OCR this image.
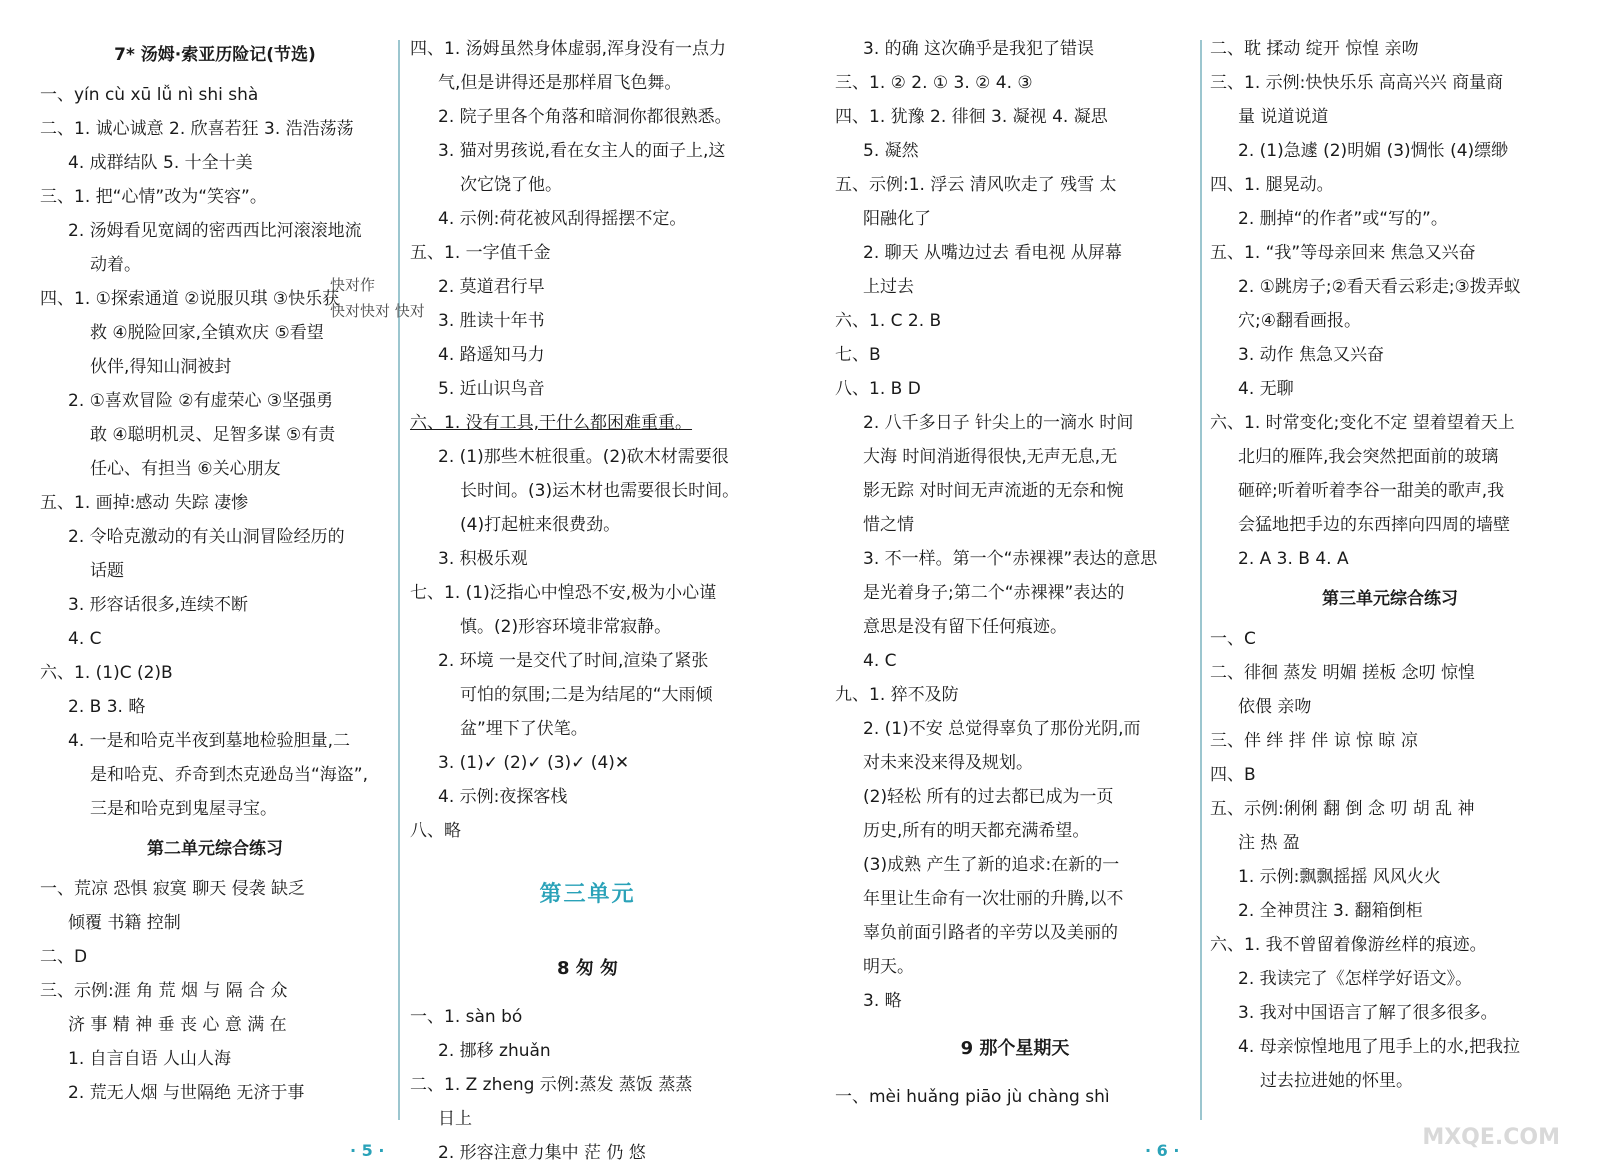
7* 汤姆·索亚历险记(节选)
一、yín cù xū lǚ nì shi shà
二、1. 诚心诚意 2. 欣喜若狂 3. 浩浩荡荡
4. 成群结队 5. 十全十美
三、1. 把“心情”改为“笑容”。
2. 汤姆看见宽阔的密西西比河滚滚地流
动着。
四、1. ①探索通道 ②说服贝琪 ③快乐获
救 ④脱险回家,全镇欢庆 ⑤看望
伙伴,得知山洞被封
2. ①喜欢冒险 ②有虚荣心 ③坚强勇
敢 ④聪明机灵、足智多谋 ⑤有责
任心、有担当 ⑥关心朋友
五、1. 画掉:感动 失踪 凄惨
2. 令哈克激动的有关山洞冒险经历的
话题
3. 形容话很多,连续不断
4. C
六、1. (1)C (2)B
2. B 3. 略
4. 一是和哈克半夜到墓地检验胆量,二
是和哈克、乔奇到杰克逊岛当“海盗”,
三是和哈克到鬼屋寻宝。
第二单元综合练习
一、荒凉 恐惧 寂寞 聊天 侵袭 缺乏
倾覆 书籍 控制
二、D
三、示例:涯 角 荒 烟 与 隔 合 众
济 事 精 神 垂 丧 心 意 满 在
1. 自言自语 人山人海
2. 荒无人烟 与世隔绝 无济于事
四、1. 汤姆虽然身体虚弱,浑身没有一点力
气,但是讲得还是那样眉飞色舞。
2. 院子里各个角落和暗洞你都很熟悉。
3. 猫对男孩说,看在女主人的面子上,这
次它饶了他。
4. 示例:荷花被风刮得摇摆不定。
五、1. 一字值千金
2. 莫道君行早
3. 胜读十年书
4. 路遥知马力
5. 近山识鸟音
六、1. 没有工具,干什么都困难重重。
2. (1)那些木桩很重。(2)砍木材需要很
长时间。(3)运木材也需要很长时间。
(4)打起桩来很费劲。
3. 积极乐观
七、1. (1)泛指心中惶恐不安,极为小心谨
慎。(2)形容环境非常寂静。
2. 环境 一是交代了时间,渲染了紧张
可怕的氛围;二是为结尾的“大雨倾
盆”埋下了伏笔。
3. (1)✓ (2)✓ (3)✓ (4)✕
4. 示例:夜探客栈
八、略
第三单元
8 匆 匆
一、1. sàn bó
2. 挪移 zhuǎn
二、1. Z zheng 示例:蒸发 蒸饭 蒸蒸
日上
2. 形容注意力集中 茫 仍 悠
3. 的确 这次确乎是我犯了错误
三、1. ② 2. ① 3. ② 4. ③
四、1. 犹豫 2. 徘徊 3. 凝视 4. 凝思
5. 凝然
五、示例:1. 浮云 清风吹走了 残雪 太
阳融化了
2. 聊天 从嘴边过去 看电视 从屏幕
上过去
六、1. C 2. B
七、B
八、1. B D
2. 八千多日子 针尖上的一滴水 时间
大海 时间消逝得很快,无声无息,无
影无踪 对时间无声流逝的无奈和惋
惜之情
3. 不一样。第一个“赤裸裸”表达的意思
是光着身子;第二个“赤裸裸”表达的
意思是没有留下任何痕迹。
4. C
九、1. 猝不及防
2. (1)不安 总觉得辜负了那份光阴,而
对未来没来得及规划。
(2)轻松 所有的过去都已成为一页
历史,所有的明天都充满希望。
(3)成熟 产生了新的追求:在新的一
年里让生命有一次壮丽的升腾,以不
辜负前面引路者的辛劳以及美丽的
明天。
3. 略
9 那个星期天
一、mèi huǎng piāo jù chàng shì
二、耽 揉动 绽开 惊惶 亲吻
三、1. 示例:快快乐乐 高高兴兴 商量商
量 说道说道
2. (1)急遽 (2)明媚 (3)惆怅 (4)缥缈
四、1. 腿晃动。
2. 删掉“的作者”或“写的”。
五、1. “我”等母亲回来 焦急又兴奋
2. ①跳房子;②看天看云彩走;③拨弄蚁
穴;④翻看画报。
3. 动作 焦急又兴奋
4. 无聊
六、1. 时常变化;变化不定 望着望着天上
北归的雁阵,我会突然把面前的玻璃
砸碎;听着听着李谷一甜美的歌声,我
会猛地把手边的东西摔向四周的墙壁
2. A 3. B 4. A
第三单元综合练习
一、C
二、徘徊 蒸发 明媚 搓板 念叨 惊惶
依偎 亲吻
三、伴 绊 拌 伴 谅 惊 晾 凉
四、B
五、示例:俐俐 翻 倒 念 叨 胡 乱 神
注 热 盈
1. 示例:飘飘摇摇 风风火火
2. 全神贯注 3. 翻箱倒柜
六、1. 我不曾留着像游丝样的痕迹。
2. 我读完了《怎样学好语文》。
3. 我对中国语言了解了很多很多。
4. 母亲惊惶地甩了甩手上的水,把我拉
过去拉进她的怀里。
快对作
快对快对 快对
· 5 ·	· 6 ·
MXQE.COM
